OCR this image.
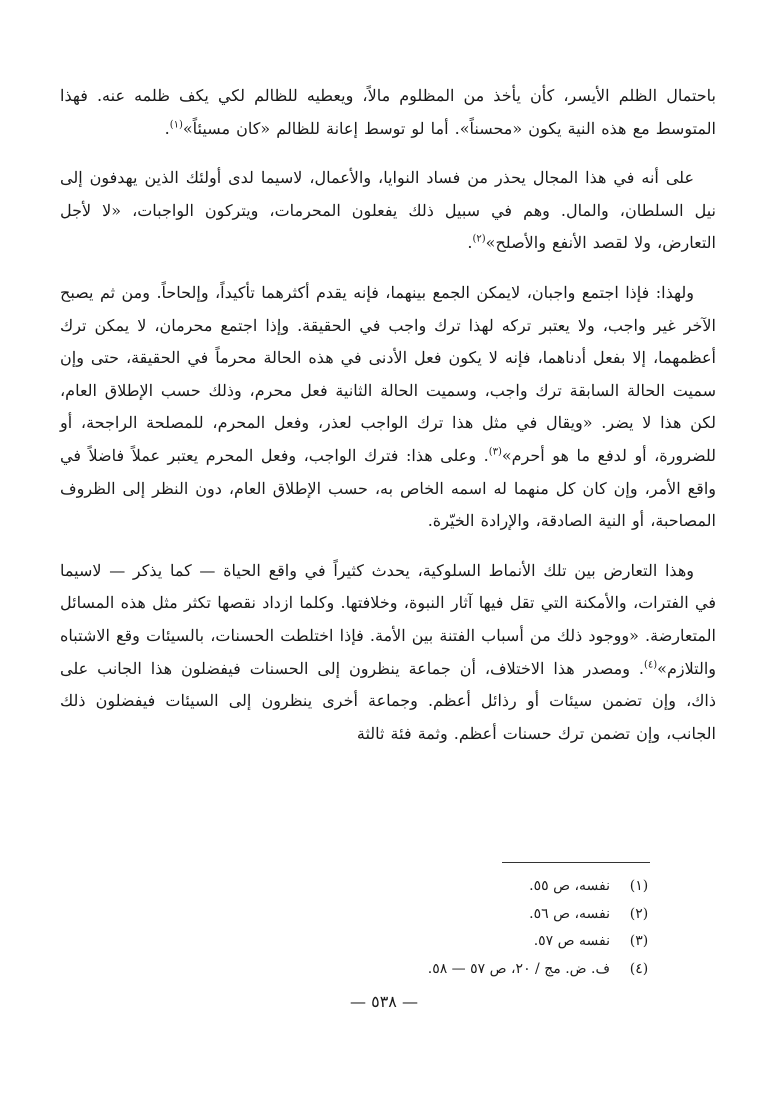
باحتمال الظلم الأيسر، كأن يأخذ من المظلوم مالاً، ويعطيه للظالم لكي يكف ظلمه عنه. فهذا المتوسط مع هذه النية يكون «محسناً». أما لو توسط إعانة للظالم «كان مسيئاً»$^{(١)}$.

على أنه في هذا المجال يحذر من فساد النوايا، والأعمال، لاسيما لدى أولئك الذين يهدفون إلى نيل السلطان، والمال. وهم في سبيل ذلك يفعلون المحرمات، ويتركون الواجبات، «لا لأجل التعارض، ولا لقصد الأنفع والأصلح»$^{(٢)}$.

ولهذا: فإذا اجتمع واجبان، لايمكن الجمع بينهما، فإنه يقدم أكثرهما تأكيداً، وإلحاحاً. ومن ثم يصبح الآخر غير واجب، ولا يعتبر تركه لهذا ترك واجب في الحقيقة. وإذا اجتمع محرمان، لا يمكن ترك أعظمهما، إلا بفعل أدناهما، فإنه لا يكون فعل الأدنى في هذه الحالة محرماً في الحقيقة، حتى وإن سميت الحالة السابقة ترك واجب، وسميت الحالة الثانية فعل محرم، وذلك حسب الإطلاق العام، لكن هذا لا يضر. «ويقال في مثل هذا ترك الواجب لعذر، وفعل المحرم، للمصلحة الراجحة، أو للضرورة، أو لدفع ما هو أحرم»$^{(٣)}$. وعلى هذا: فترك الواجب، وفعل المحرم يعتبر عملاً فاضلاً في واقع الأمر، وإن كان كل منهما له اسمه الخاص به، حسب الإطلاق العام، دون النظر إلى الظروف المصاحبة، أو النية الصادقة، والإرادة الخيّرة.

وهذا التعارض بين تلك الأنماط السلوكية، يحدث كثيراً في واقع الحياة — كما يذكر — لاسيما في الفترات، والأمكنة التي تقل فيها آثار النبوة، وخلافتها. وكلما ازداد نقصها تكثر مثل هذه المسائل المتعارضة. «ووجود ذلك من أسباب الفتنة بين الأمة. فإذا اختلطت الحسنات، بالسيئات وقع الاشتباه والتلازم»$^{(٤)}$. ومصدر هذا الاختلاف، أن جماعة ينظرون إلى الحسنات فيفضلون هذا الجانب على ذاك، وإن تضمن سيئات أو رذائل أعظم. وجماعة أخرى ينظرون إلى السيئات فيفضلون ذلك الجانب، وإن تضمن ترك حسنات أعظم. وثمة فئة ثالثة

(١)
نفسه، ص ٥٥.
(٢)
نفسه، ص ٥٦.
(٣)
نفسه ص ٥٧.
(٤)
ف. ض. مج / ٢٠، ص ٥٧ — ٥٨.
— ٥٣٨ —
